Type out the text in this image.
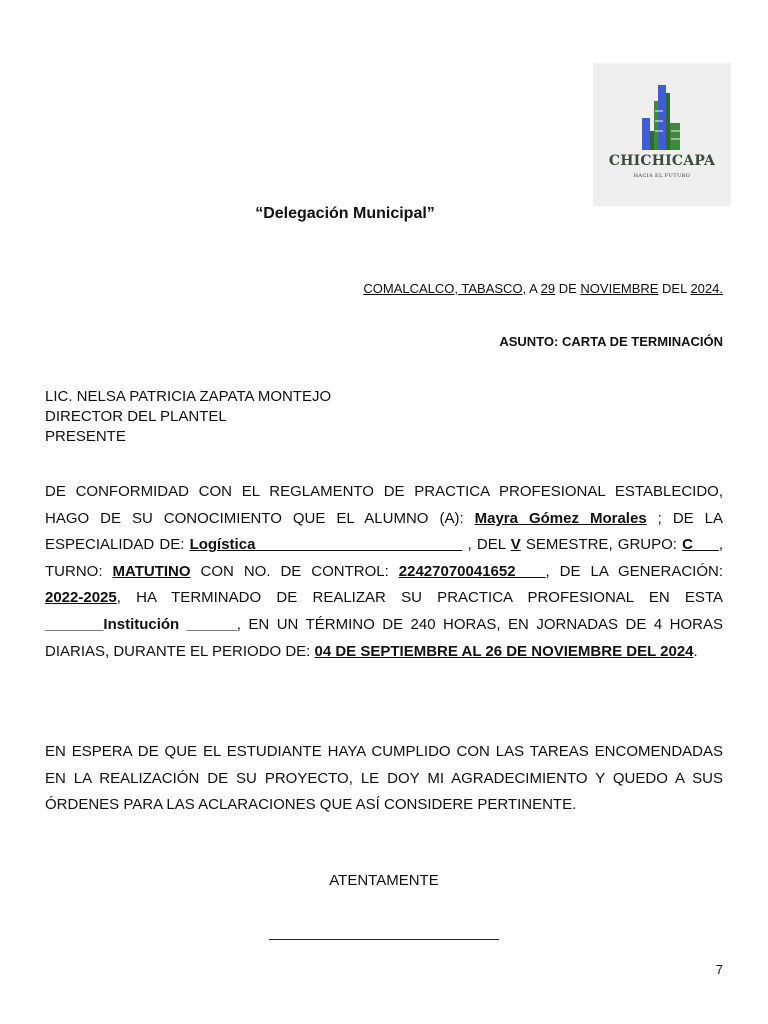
CHICHICAPA
HACIA EL FUTURO
“Delegación Municipal”
COMALCALCO, TABASCO, A 29 DE NOVIEMBRE DEL 2024.
ASUNTO: CARTA DE TERMINACIÓN
LIC. NELSA PATRICIA ZAPATA MONTEJO
DIRECTOR DEL PLANTEL
PRESENTE
DE CONFORMIDAD CON EL REGLAMENTO DE PRACTICA PROFESIONAL ESTABLECIDO, HAGO DE SU CONOCIMIENTO QUE EL ALUMNO (A): Mayra Gómez Morales ; DE LA ESPECIALIDAD DE: Logística                                         , DEL V SEMESTRE, GRUPO: C     , TURNO: MATUTINO CON NO. DE CONTROL: 22427070041652   , DE LA GENERACIÓN: 2022-2025, HA TERMINADO DE REALIZAR SU PRACTICA PROFESIONAL EN ESTA _______Institución ______, EN UN TÉRMINO DE 240 HORAS, EN JORNADAS DE 4 HORAS DIARIAS, DURANTE EL PERIODO DE: 04 DE SEPTIEMBRE AL 26 DE NOVIEMBRE DEL 2024.
EN ESPERA DE QUE EL ESTUDIANTE HAYA CUMPLIDO CON LAS TAREAS ENCOMENDADAS EN LA REALIZACIÓN DE SU PROYECTO, LE DOY MI AGRADECIMIENTO Y QUEDO A SUS ÓRDENES PARA LAS ACLARACIONES QUE ASÍ CONSIDERE PERTINENTE.
ATENTAMENTE
7
